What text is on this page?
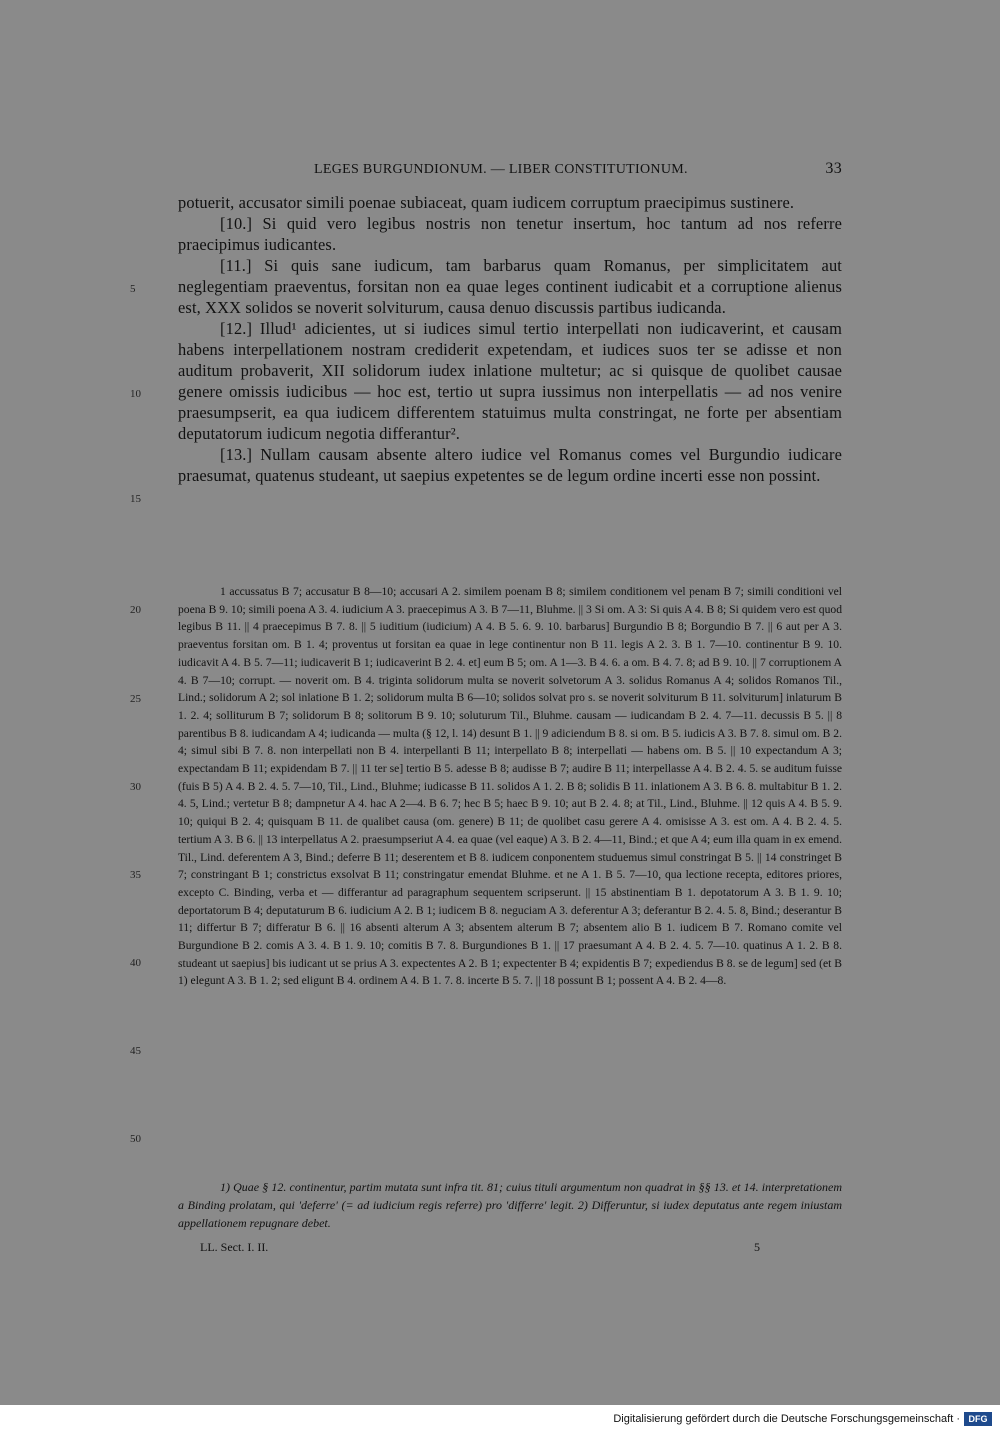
LEGES BURGUNDIONUM. — LIBER CONSTITUTIONUM.	33

potuerit, accusator simili poenae subiaceat, quam iudicem corruptum praecipimus sustinere.

[10.] Si quid vero legibus nostris non tenetur insertum, hoc tantum ad nos referre praecipimus iudicantes.

[11.] Si quis sane iudicum, tam barbarus quam Romanus, per simplicitatem aut neglegentiam praeventus, forsitan non ea quae leges continent iudicabit et a corruptione alienus est, XXX solidos se noverit solviturum, causa denuo discussis partibus iudicanda.

[12.] Illud¹ adicientes, ut si iudices simul tertio interpellati non iudicaverint, et causam habens interpellationem nostram crediderit expetendam, et iudices suos ter se adisse et non auditum probaverit, XII solidorum iudex inlatione multetur; ac si quisque de quolibet causae genere omissis iudicibus — hoc est, tertio ut supra iussimus non interpellatis — ad nos venire praesumpserit, ea qua iudicem differentem statuimus multa constringat, ne forte per absentiam deputatorum iudicum negotia differantur².

[13.] Nullam causam absente altero iudice vel Romanus comes vel Burgundio iudicare praesumat, quatenus studeant, ut saepius expetentes se de legum ordine incerti esse non possint.

5
10
15
20
25
30
35
40
45
50

1 accussatus B 7; accusatur B 8—10; accusari A 2. similem poenam B 8; similem conditionem vel penam B 7; simili conditioni vel poena B 9. 10; simili poena A 3. 4. iudicium A 3. praecepimus A 3. B 7—11, Bluhme. || 3 Si om. A 3: Si quis A 4. B 8; Si quidem vero est quod legibus B 11. || 4 praecepimus B 7. 8. || 5 iuditium (iudicium) A 4. B 5. 6. 9. 10. barbarus] Burgundio B 8; Borgundio B 7. || 6 aut per A 3. praeventus forsitan om. B 1. 4; proventus ut forsitan ea quae in lege continentur non B 11. legis A 2. 3. B 1. 7—10. continentur B 9. 10. iudicavit A 4. B 5. 7—11; iudicaverit B 1; iudicaverint B 2. 4. et] eum B 5; om. A 1—3. B 4. 6. a om. B 4. 7. 8; ad B 9. 10. || 7 corruptionem A 4. B 7—10; corrupt. — noverit om. B 4. triginta solidorum multa se noverit solvetorum A 3. solidus Romanus A 4; solidos Romanos Til., Lind.; solidorum A 2; sol inlatione B 1. 2; solidorum multa B 6—10; solidos solvat pro s. se noverit solviturum B 11. solviturum] inlaturum B 1. 2. 4; solliturum B 7; solidorum B 8; solitorum B 9. 10; soluturum Til., Bluhme. causam — iudicandam B 2. 4. 7—11. decussis B 5. || 8 parentibus B 8. iudicandam A 4; iudicanda — multa (§ 12, l. 14) desunt B 1. || 9 adiciendum B 8. si om. B 5. iudicis A 3. B 7. 8. simul om. B 2. 4; simul sibi B 7. 8. non interpellati non B 4. interpellanti B 11; interpellato B 8; interpellati — habens om. B 5. || 10 expectandum A 3; expectandam B 11; expidendam B 7. || 11 ter se] tertio B 5. adesse B 8; audisse B 7; audire B 11; interpellasse A 4. B 2. 4. 5. se auditum fuisse (fuis B 5) A 4. B 2. 4. 5. 7—10, Til., Lind., Bluhme; iudicasse B 11. solidos A 1. 2. B 8; solidis B 11. inlationem A 3. B 6. 8. multabitur B 1. 2. 4. 5, Lind.; vertetur B 8; dampnetur A 4. hac A 2—4. B 6. 7; hec B 5; haec B 9. 10; aut B 2. 4. 8; at Til., Lind., Bluhme. || 12 quis A 4. B 5. 9. 10; quiqui B 2. 4; quisquam B 11. de qualibet causa (om. genere) B 11; de quolibet casu gerere A 4. omisisse A 3. est om. A 4. B 2. 4. 5. tertium A 3. B 6. || 13 interpellatus A 2. praesumpseriut A 4. ea quae (vel eaque) A 3. B 2. 4—11, Bind.; et que A 4; eum illa quam in ex emend. Til., Lind. deferentem A 3, Bind.; deferre B 11; deserentem et B 8. iudicem conponentem studuemus simul constringat B 5. || 14 constringet B 7; constringant B 1; constrictus exsolvat B 11; constringatur emendat Bluhme. et ne A 1. B 5. 7—10, qua lectione recepta, editores priores, excepto C. Binding, verba et — differantur ad paragraphum sequentem scripserunt. || 15 abstinentiam B 1. depotatorum A 3. B 1. 9. 10; deportatorum B 4; deputaturum B 6. iudicium A 2. B 1; iudicem B 8. neguciam A 3. deferentur A 3; deferantur B 2. 4. 5. 8, Bind.; deserantur B 11; differtur B 7; differatur B 6. || 16 absenti alterum A 3; absentem alterum B 7; absentem alio B 1. iudicem B 7. Romano comite vel Burgundione B 2. comis A 3. 4. B 1. 9. 10; comitis B 7. 8. Burgundiones B 1. || 17 praesumant A 4. B 2. 4. 5. 7—10. quatinus A 1. 2. B 8. studeant ut saepius] bis iudicant ut se prius A 3. expectentes A 2. B 1; expectenter B 4; expidentis B 7; expediendus B 8. se de legum] sed (et B 1) elegunt A 3. B 1. 2; sed eligunt B 4. ordinem A 4. B 1. 7. 8. incerte B 5. 7. || 18 possunt B 1; possent A 4. B 2. 4—8.

1) Quae § 12. continentur, partim mutata sunt infra tit. 81; cuius tituli argumentum non quadrat in §§ 13. et 14. interpretationem a Binding prolatam, qui 'deferre' (= ad iudicium regis referre) pro 'differre' legit. 2) Differuntur, si iudex deputatus ante regem iniustam appellationem repugnare debet.

LL. Sect. I. II.	5
Digitalisierung gefördert durch die Deutsche Forschungsgemeinschaft · DFG
